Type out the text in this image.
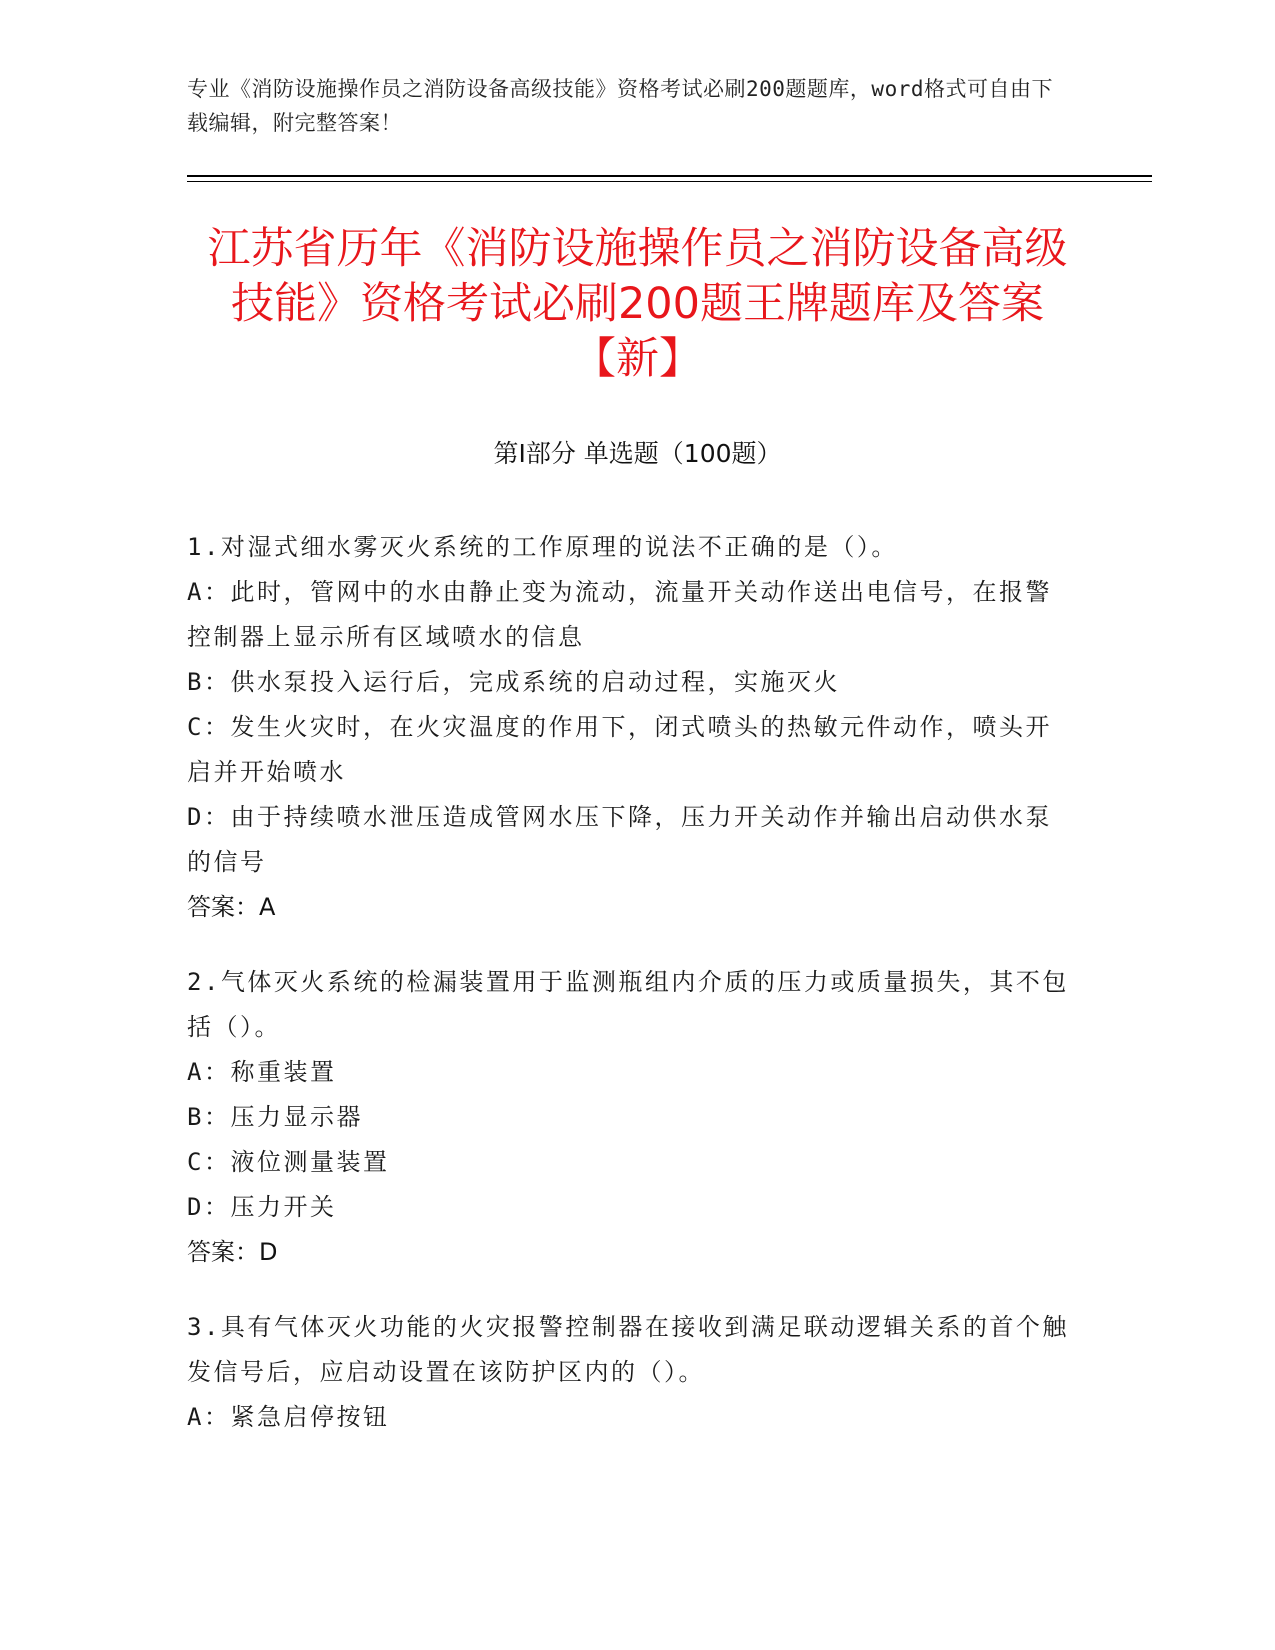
专业《消防设施操作员之消防设备高级技能》资格考试必刷200题题库，word格式可自由下载编辑，附完整答案！
江苏省历年《消防设施操作员之消防设备高级技能》资格考试必刷200题王牌题库及答案【新】
第Ⅰ部分 单选题（100题）

1.对湿式细水雾灭火系统的工作原理的说法不正确的是（）。

A：此时，管网中的水由静止变为流动，流量开关动作送出电信号，在报警控制器上显示所有区域喷水的信息

B：供水泵投入运行后，完成系统的启动过程，实施灭火

C：发生火灾时，在火灾温度的作用下，闭式喷头的热敏元件动作，喷头开启并开始喷水

D：由于持续喷水泄压造成管网水压下降，压力开关动作并输出启动供水泵的信号

答案：A

2.气体灭火系统的检漏装置用于监测瓶组内介质的压力或质量损失，其不包括（）。

A：称重装置

B：压力显示器

C：液位测量装置

D：压力开关

答案：D

3.具有气体灭火功能的火灾报警控制器在接收到满足联动逻辑关系的首个触发信号后，应启动设置在该防护区内的（）。

A：紧急启停按钮
